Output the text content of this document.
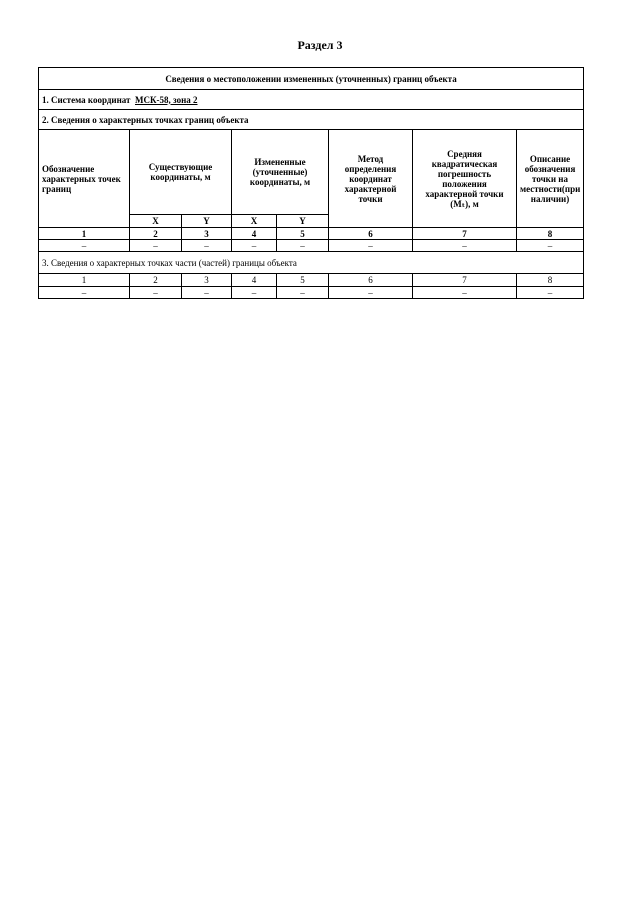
Раздел 3
Сведения о местоположении измененных (уточненных) границ объекта							
1. Система координат МСК-58, зона 2							
2. Сведения о характерных точках границ объекта							
Обозначение характерных точек границ	Существующие координаты, м		Измененные (уточненные) координаты, м		Метод определения координат характерной точки	Средняя квадратическая погрешность положения характерной точки (Mₜ), м	Описание обозначения точки на местности(при наличии)
	X	Y	X	Y			
1	2	3	4	5	6	7	8
–	–	–	–	–	–	–	–
3. Сведения о характерных точках части (частей) границы объекта							
1	2	3	4	5	6	7	8
–	–	–	–	–	–	–	–
